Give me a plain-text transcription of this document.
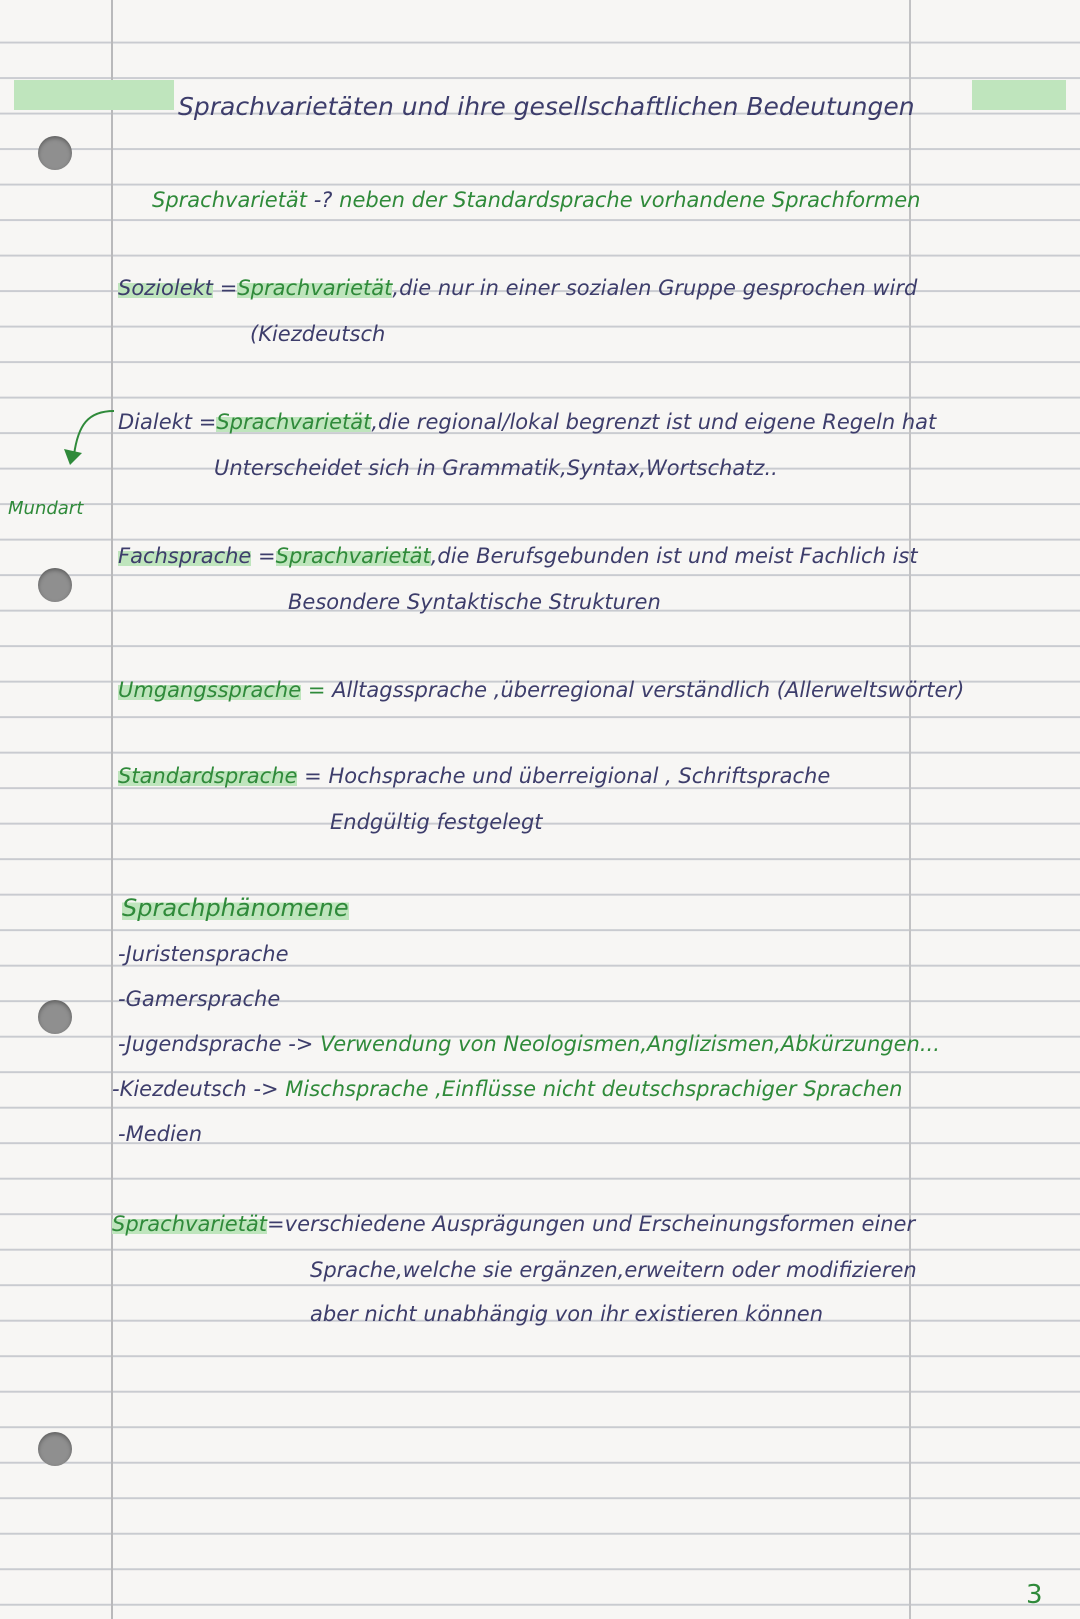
Sprachvarietäten und ihre gesellschaftlichen Bedeutungen
Sprachvarietät -? neben der Standardsprache vorhandene Sprachformen
Soziolekt =Sprachvarietät,die nur in einer sozialen Gruppe gesprochen wird
(Kiezdeutsch
Dialekt =Sprachvarietät,die regional/lokal begrenzt ist und eigene Regeln hat
Unterscheidet sich in Grammatik,Syntax,Wortschatz..
Mundart
Fachsprache =Sprachvarietät,die Berufsgebunden ist und meist Fachlich ist
Besondere Syntaktische Strukturen
Umgangssprache = Alltagssprache ,überregional verständlich (Allerweltswörter)
Standardsprache = Hochsprache und überreigional , Schriftsprache
Endgültig festgelegt
Sprachphänomene
-Juristensprache
-Gamersprache
-Jugendsprache -> Verwendung von Neologismen,Anglizismen,Abkürzungen...
-Kiezdeutsch -> Mischsprache ,Einflüsse nicht deutschsprachiger Sprachen
-Medien
Sprachvarietät=verschiedene Ausprägungen und Erscheinungsformen einer
Sprache,welche sie ergänzen,erweitern oder modifizieren
aber nicht unabhängig von ihr existieren können
3
